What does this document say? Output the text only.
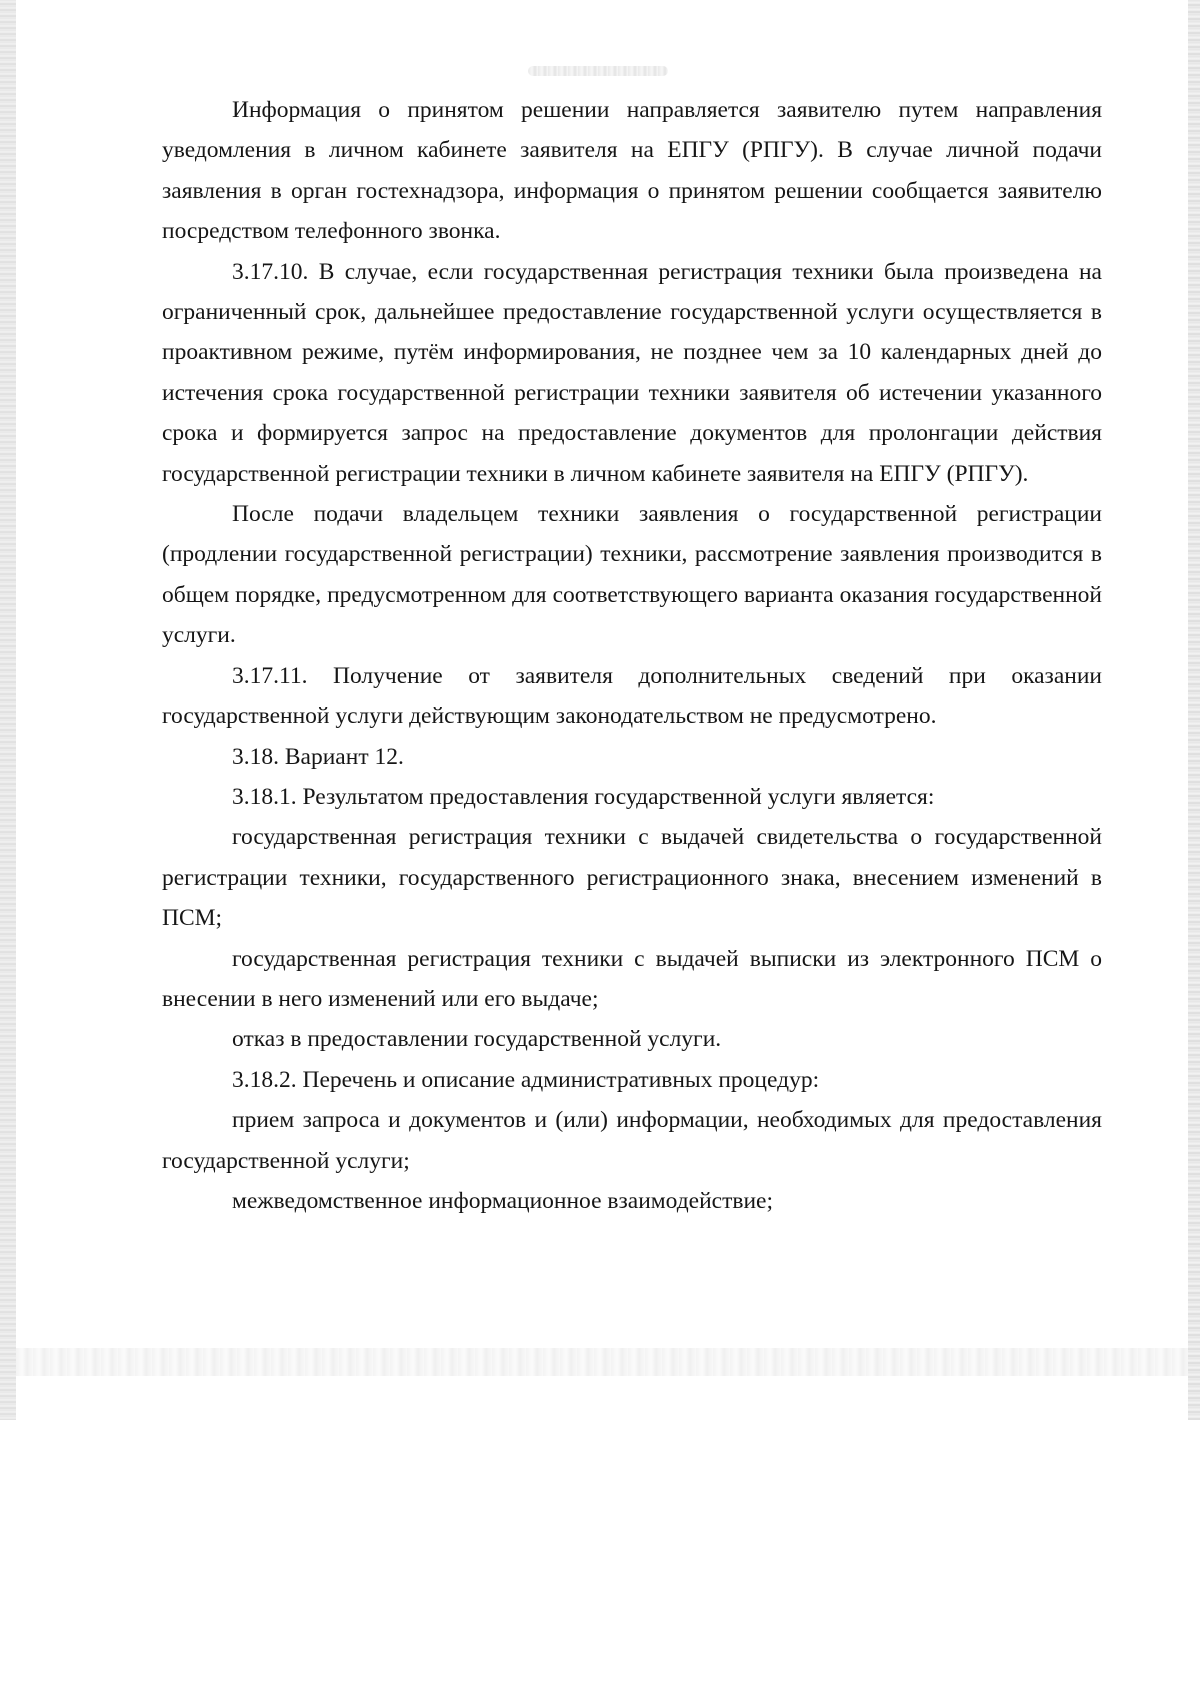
Информация о принятом решении направляется заявителю путем направления уведомления в личном кабинете заявителя на ЕПГУ (РПГУ). В случае личной подачи заявления в орган гостехнадзора, информация о принятом решении сообщается заявителю посредством телефонного звонка.

3.17.10. В случае, если государственная регистрация техники была произведена на ограниченный срок, дальнейшее предоставление государственной услуги осуществляется в проактивном режиме, путём информирования, не позднее чем за 10 календарных дней до истечения срока государственной регистрации техники заявителя об истечении указанного срока и формируется запрос на предоставление документов для пролонгации действия государственной регистрации техники в личном кабинете заявителя на ЕПГУ (РПГУ).

После подачи владельцем техники заявления о государственной регистрации (продлении государственной регистрации) техники, рассмотрение заявления производится в общем порядке, предусмотренном для соответствующего варианта оказания государственной услуги.

3.17.11. Получение от заявителя дополнительных сведений при оказании государственной услуги действующим законодательством не предусмотрено.

3.18. Вариант 12.

3.18.1. Результатом предоставления государственной услуги является:

государственная регистрация техники с выдачей свидетельства о государственной регистрации техники, государственного регистрационного знака, внесением изменений в ПСМ;

государственная регистрация техники с выдачей выписки из электронного ПСМ о внесении в него изменений или его выдаче;

отказ в предоставлении государственной услуги.

3.18.2. Перечень и описание административных процедур:

прием запроса и документов и (или) информации, необходимых для предоставления государственной услуги;

межведомственное информационное взаимодействие;
